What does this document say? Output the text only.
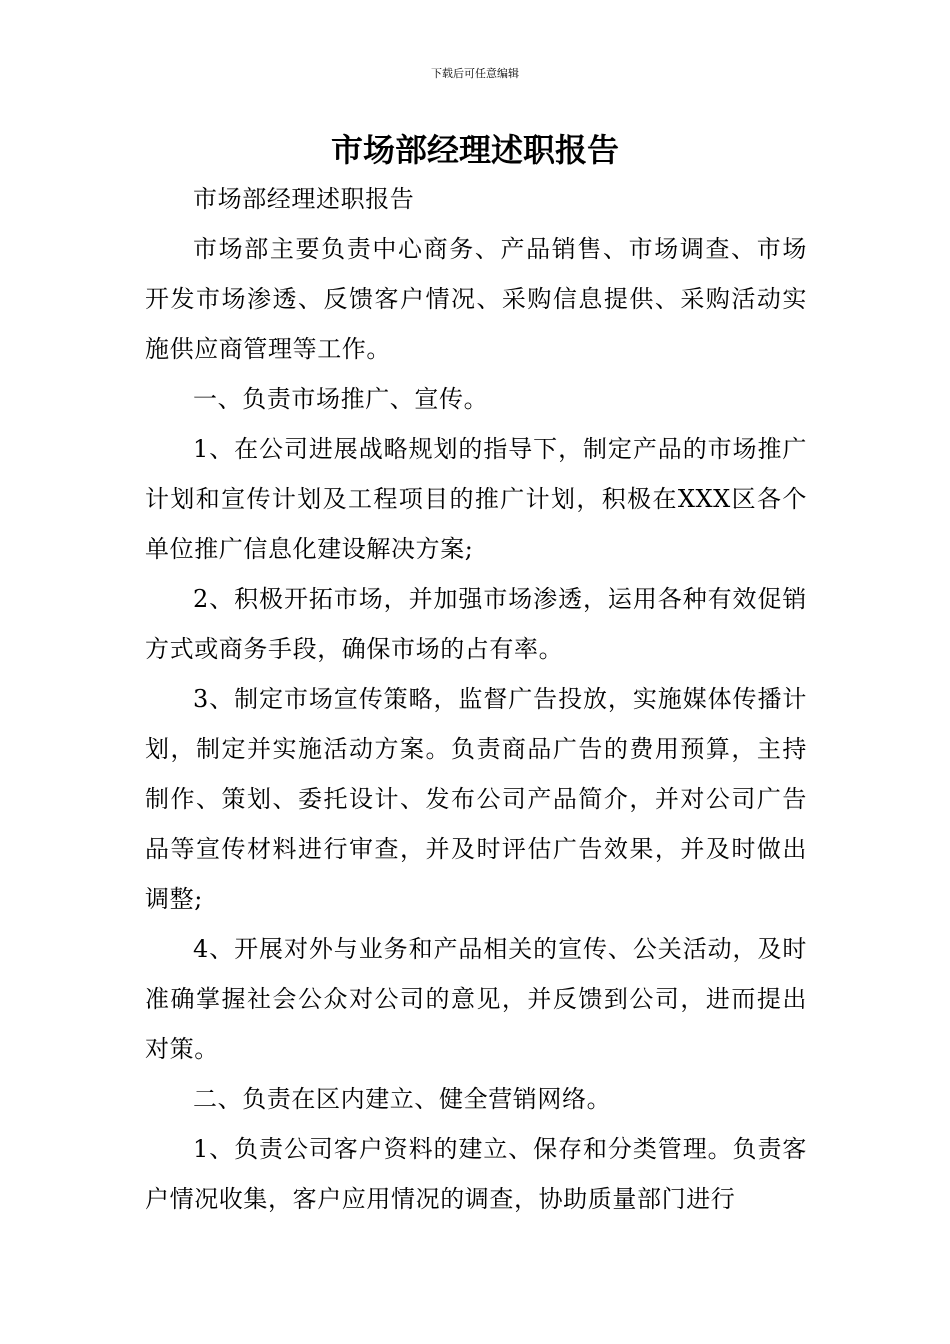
下载后可任意编辑
市场部经理述职报告

市场部经理述职报告

市场部主要负责中心商务、产品销售、市场调查、市场开发市场渗透、反馈客户情况、采购信息提供、采购活动实施供应商管理等工作。

一、负责市场推广、宣传。

1、在公司进展战略规划的指导下，制定产品的市场推广计划和宣传计划及工程项目的推广计划，积极在XXX区各个单位推广信息化建设解决方案;

2、积极开拓市场，并加强市场渗透，运用各种有效促销方式或商务手段，确保市场的占有率。

3、制定市场宣传策略，监督广告投放，实施媒体传播计划，制定并实施活动方案。负责商品广告的费用预算，主持制作、策划、委托设计、发布公司产品简介，并对公司广告品等宣传材料进行审查，并及时评估广告效果，并及时做出调整;

4、开展对外与业务和产品相关的宣传、公关活动，及时准确掌握社会公众对公司的意见，并反馈到公司，进而提出对策。

二、负责在区内建立、健全营销网络。

1、负责公司客户资料的建立、保存和分类管理。负责客户情况收集，客户应用情况的调查，协助质量部门进行
